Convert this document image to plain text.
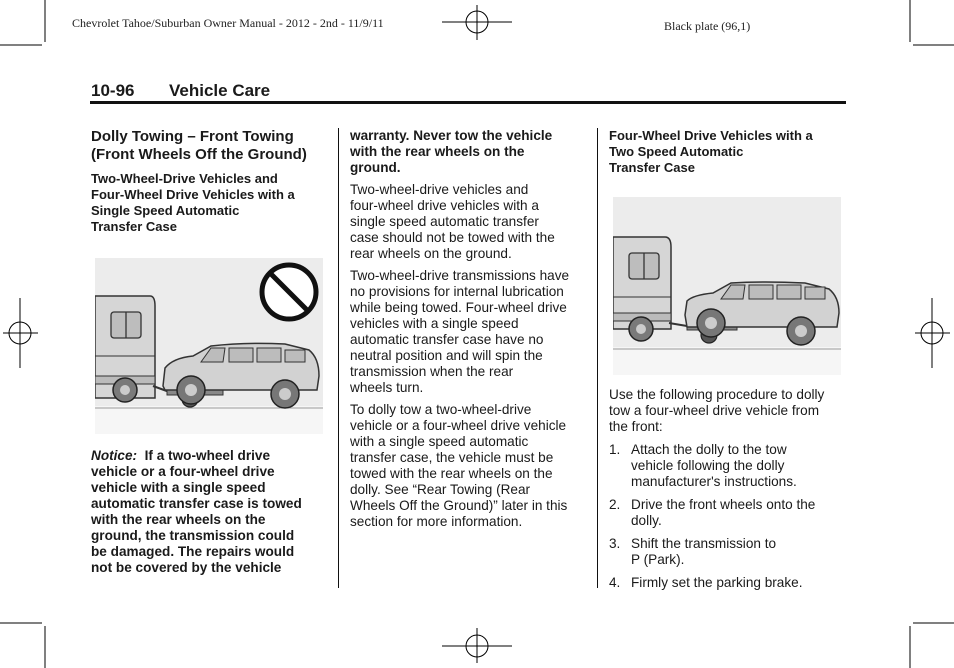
Chevrolet Tahoe/Suburban Owner Manual - 2012 - 2nd - 11/9/11	Black plate (96,1)
10-96 Vehicle Care
Dolly Towing – Front Towing
(Front Wheels Off the Ground)
Two-Wheel-Drive Vehicles and
Four-Wheel Drive Vehicles with a
Single Speed Automatic
Transfer Case
Notice: If a two-wheel drive
vehicle or a four-wheel drive
vehicle with a single speed
automatic transfer case is towed
with the rear wheels on the
ground, the transmission could
be damaged. The repairs would
not be covered by the vehicle
warranty. Never tow the vehicle
with the rear wheels on the
ground.
Two-wheel-drive vehicles and
four-wheel drive vehicles with a
single speed automatic transfer
case should not be towed with the
rear wheels on the ground.
Two-wheel-drive transmissions have
no provisions for internal lubrication
while being towed. Four-wheel drive
vehicles with a single speed
automatic transfer case have no
neutral position and will spin the
transmission when the rear
wheels turn.
To dolly tow a two-wheel-drive
vehicle or a four-wheel drive vehicle
with a single speed automatic
transfer case, the vehicle must be
towed with the rear wheels on the
dolly. See “Rear Towing (Rear
Wheels Off the Ground)” later in this
section for more information.
Four-Wheel Drive Vehicles with a
Two Speed Automatic
Transfer Case
Use the following procedure to dolly
tow a four-wheel drive vehicle from
the front:
1. Attach the dolly to the tow
vehicle following the dolly
manufacturer's instructions.
2. Drive the front wheels onto the
dolly.
3. Shift the transmission to
P (Park).
4. Firmly set the parking brake.
